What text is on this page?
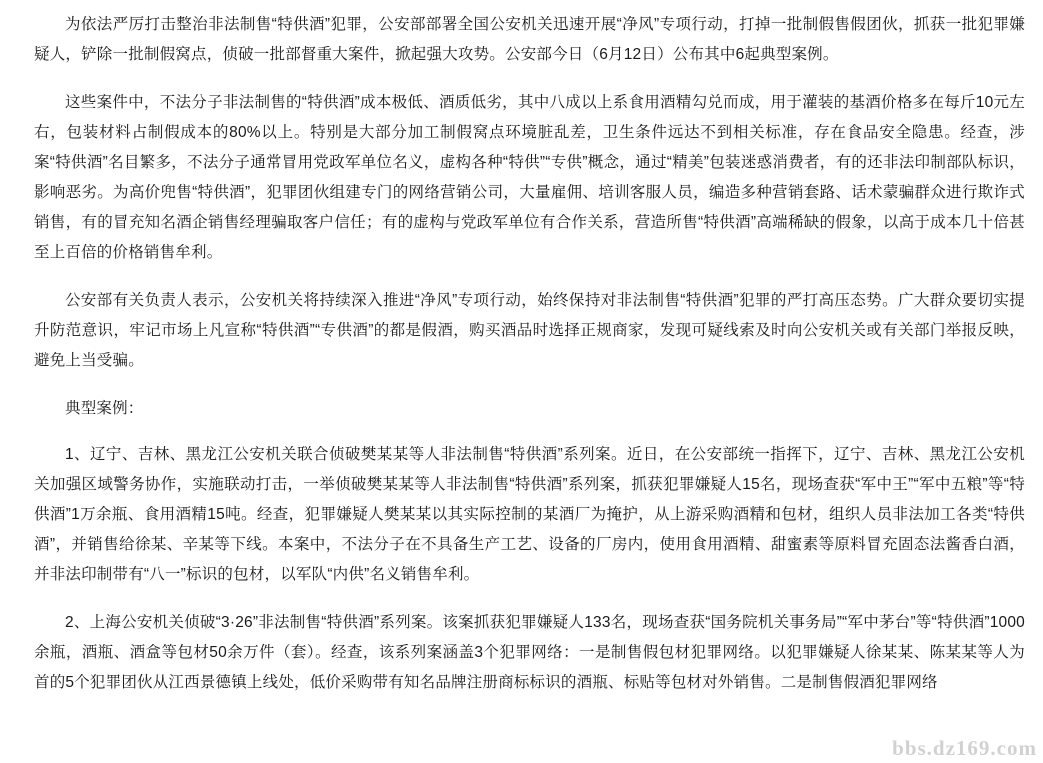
为依法严厉打击整治非法制售“特供酒”犯罪，公安部部署全国公安机关迅速开展“净风”专项行动，打掉一批制假售假团伙，抓获一批犯罪嫌疑人，铲除一批制假窝点，侦破一批部督重大案件，掀起强大攻势。公安部今日（6月12日）公布其中6起典型案例。

这些案件中，不法分子非法制售的“特供酒”成本极低、酒质低劣，其中八成以上系食用酒精勾兑而成，用于灌装的基酒价格多在每斤10元左右，包装材料占制假成本的80%以上。特别是大部分加工制假窝点环境脏乱差，卫生条件远达不到相关标准，存在食品安全隐患。经查，涉案“特供酒”名目繁多，不法分子通常冒用党政军单位名义，虚构各种“特供”“专供”概念，通过“精美”包装迷惑消费者，有的还非法印制部队标识，影响恶劣。为高价兜售“特供酒”，犯罪团伙组建专门的网络营销公司，大量雇佣、培训客服人员，编造多种营销套路、话术蒙骗群众进行欺诈式销售，有的冒充知名酒企销售经理骗取客户信任；有的虚构与党政军单位有合作关系，营造所售“特供酒”高端稀缺的假象，以高于成本几十倍甚至上百倍的价格销售牟利。

公安部有关负责人表示，公安机关将持续深入推进“净风”专项行动，始终保持对非法制售“特供酒”犯罪的严打高压态势。广大群众要切实提升防范意识，牢记市场上凡宣称“特供酒”“专供酒”的都是假酒，购买酒品时选择正规商家，发现可疑线索及时向公安机关或有关部门举报反映，避免上当受骗。

典型案例：

1、辽宁、吉林、黑龙江公安机关联合侦破樊某某等人非法制售“特供酒”系列案。近日，在公安部统一指挥下，辽宁、吉林、黑龙江公安机关加强区域警务协作，实施联动打击，一举侦破樊某某等人非法制售“特供酒”系列案，抓获犯罪嫌疑人15名，现场查获“军中王”“军中五粮”等“特供酒”1万余瓶、食用酒精15吨。经查，犯罪嫌疑人樊某某以其实际控制的某酒厂为掩护，从上游采购酒精和包材，组织人员非法加工各类“特供酒”，并销售给徐某、辛某等下线。本案中，不法分子在不具备生产工艺、设备的厂房内，使用食用酒精、甜蜜素等原料冒充固态法酱香白酒，并非法印制带有“八一”标识的包材，以军队“内供”名义销售牟利。

2、上海公安机关侦破“3·26”非法制售“特供酒”系列案。该案抓获犯罪嫌疑人133名，现场查获“国务院机关事务局”“军中茅台”等“特供酒”1000余瓶，酒瓶、酒盒等包材50余万件（套）。经查，该系列案涵盖3个犯罪网络：一是制售假包材犯罪网络。以犯罪嫌疑人徐某某、陈某某等人为首的5个犯罪团伙从江西景德镇上线处，低价采购带有知名品牌注册商标标识的酒瓶、标贴等包材对外销售。二是制售假酒犯罪网络

bbs.dz169.com
